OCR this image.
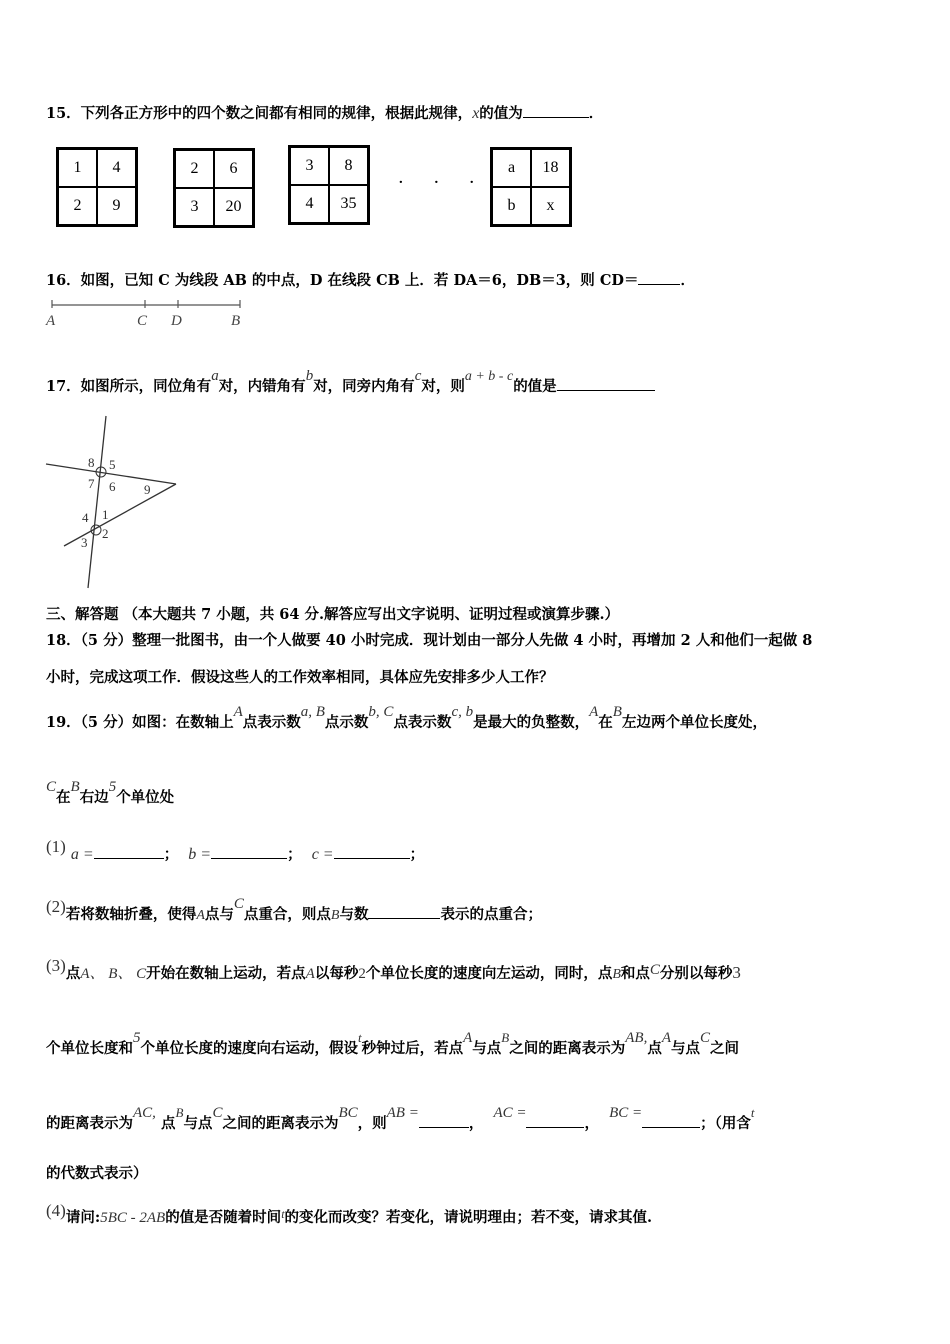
15．下列各正方形中的四个数之间都有相同的规律，根据此规律，x的值为	．
1	4
2	9
2	6
3	20
3	8
4	35
· · ·
a	18
b	x
16．如图，已知 C 为线段 AB 的中点，D 在线段 CB 上．若 DA＝6，DB＝3，则 CD＝	．
A	C D	B
17．如图所示，同位角有a对，内错角有b对，同旁内角有c对，则a + b - c的值是
8 5
7 6 9
4 1
3
2
三、解答题 （本大题共 7 小题，共 64 分.解答应写出文字说明、证明过程或演算步骤.）
18．（5 分）整理一批图书，由一个人做要 40 小时完成．现计划由一部分人先做 4 小时，再增加 2 人和他们一起做 8
小时，完成这项工作．假设这些人的工作效率相同，具体应先安排多少人工作？
19．（5 分）如图：在数轴上A点表示数a, B点示数b, C点表示数c, b是最大的负整数，A在B左边两个单位长度处，
C在B右边5个单位处
(1) a =	； b =	； c =	；
(2)若将数轴折叠，使得A点与C点重合，则点B与数	表示的点重合；
(3)点A、 B、 C开始在数轴上运动，若点A以每秒2个单位长度的速度向左运动，同时，点B和点C分别以每秒3
个单位长度和5个单位长度的速度向右运动，假设t秒钟过后，若点A与点B之间的距离表示为AB,点A与点C之间
的距离表示为AC, 点B与点C之间的距离表示为BC，则AB =，  AC =，  BC =；（用含t
的代数式表示）
(4)请问:5BC - 2AB的值是否随着时间$^t$的变化而改变？若变化，请说明理由；若不变，请求其值.
